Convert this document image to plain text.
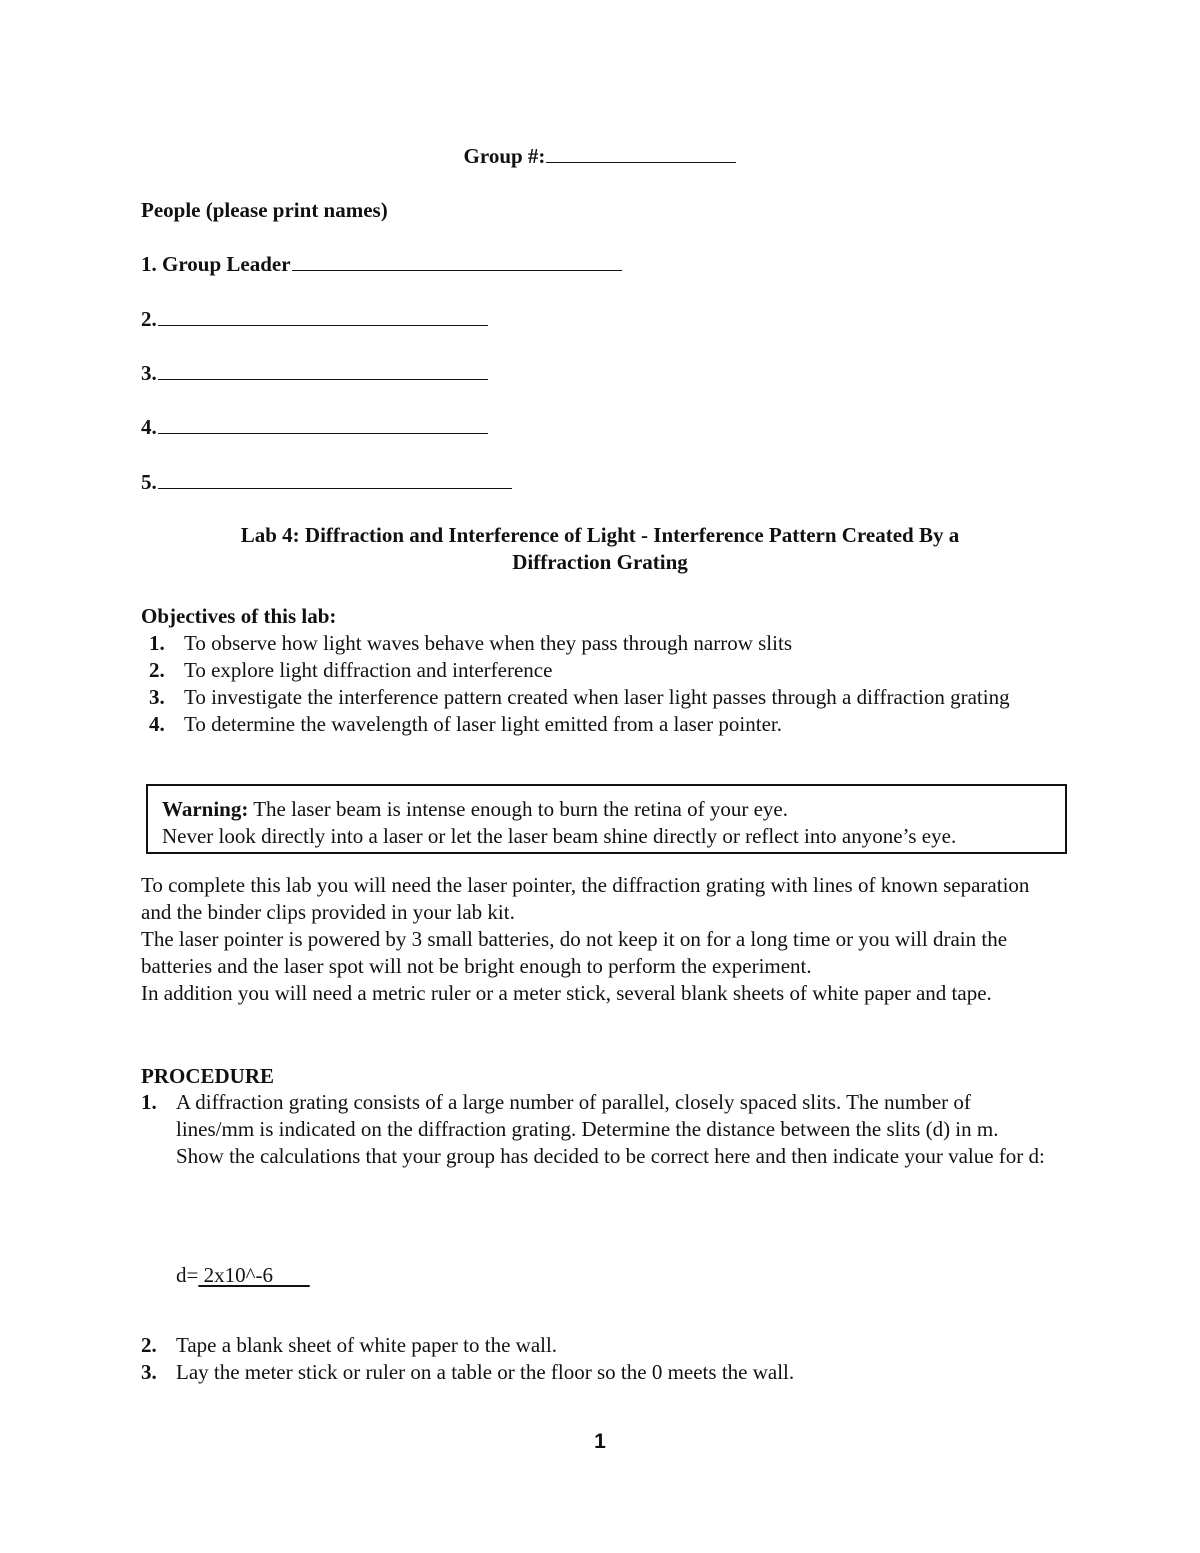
Group #:
People (please print names)
1. Group Leader
2.
3.
4.
5.
Lab 4: Diffraction and Interference of Light - Interference Pattern Created By a
Diffraction Grating
Objectives of this lab:
1. To observe how light waves behave when they pass through narrow slits
2. To explore light diffraction and interference
3. To investigate the interference pattern created when laser light passes through a diffraction grating
4. To determine the wavelength of laser light emitted from a laser pointer.
Warning: The laser beam is intense enough to burn the retina of your eye.
Never look directly into a laser or let the laser beam shine directly or reflect into anyone’s eye.
To complete this lab you will need the laser pointer, the diffraction grating with lines of known separation and the binder clips provided in your lab kit.
The laser pointer is powered by 3 small batteries, do not keep it on for a long time or you will drain the batteries and the laser spot will not be bright enough to perform the experiment.
In addition you will need a metric ruler or a meter stick, several blank sheets of white paper and tape.
PROCEDURE
1. A diffraction grating consists of a large number of parallel, closely spaced slits. The number of lines/mm is indicated on the diffraction grating. Determine the distance between the slits (d) in m. Show the calculations that your group has decided to be correct here and then indicate your value for d:
d= 2x10^-6
2. Tape a blank sheet of white paper to the wall.
3. Lay the meter stick or ruler on a table or the floor so the 0 meets the wall.
1
